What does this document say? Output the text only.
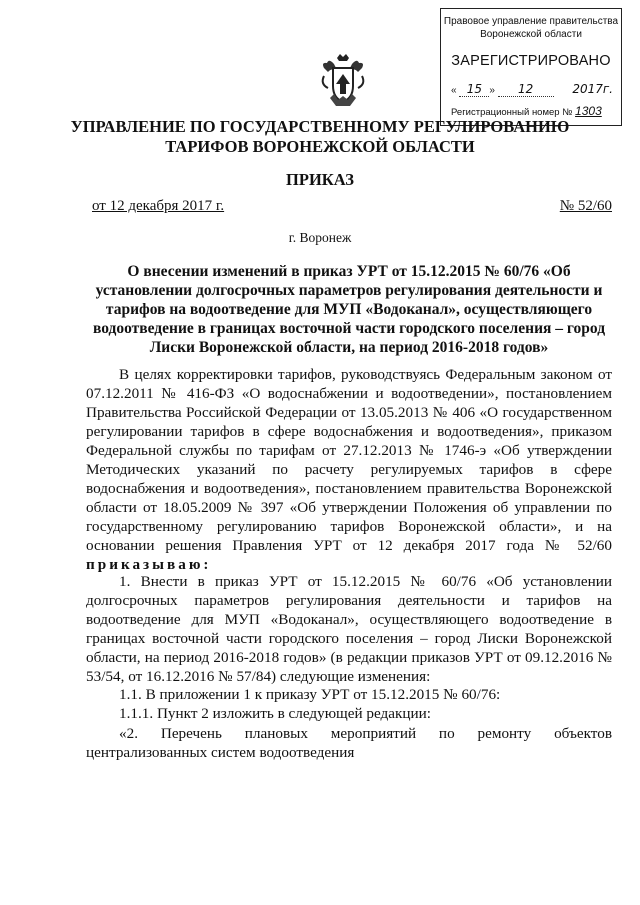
Правовое управление правительства
Воронежской области
ЗАРЕГИСТРИРОВАНО
« 15 » 12	2017г.
Регистрационный номер № 1303
УПРАВЛЕНИЕ ПО ГОСУДАРСТВЕННОМУ РЕГУЛИРОВАНИЮ
ТАРИФОВ ВОРОНЕЖСКОЙ ОБЛАСТИ
ПРИКАЗ
от 12 декабря 2017 г.	№ 52/60
г. Воронеж
О внесении изменений в приказ УРТ от 15.12.2015 № 60/76 «Об
установлении долгосрочных параметров регулирования деятельности и
тарифов на водоотведение для МУП «Водоканал», осуществляющего
водоотведение в границах восточной части городского поселения – город
Лиски Воронежской области, на период 2016-2018 годов»

В целях корректировки тарифов, руководствуясь Федеральным законом от 07.12.2011 № 416-ФЗ «О водоснабжении и водоотведении», постановлением Правительства Российской Федерации от 13.05.2013 № 406 «О государственном регулировании тарифов в сфере водоснабжения и водоотведения», приказом Федеральной службы по тарифам от 27.12.2013 № 1746-э «Об утверждении Методических указаний по расчету регулируемых тарифов в сфере водоснабжения и водоотведения», постановлением правительства Воронежской области от 18.05.2009 № 397 «Об утверждении Положения об управлении по государственному регулированию тарифов Воронежской области», и на основании решения Правления УРТ от 12 декабря 2017 года № 52/60 приказываю:

1. Внести в приказ УРТ от 15.12.2015 № 60/76 «Об установлении долгосрочных параметров регулирования деятельности и тарифов на водоотведение для МУП «Водоканал», осуществляющего водоотведение в границах восточной части городского поселения – город Лиски Воронежской области, на период 2016-2018 годов» (в редакции приказов УРТ от 09.12.2016 № 53/54, от 16.12.2016 № 57/84) следующие изменения:

1.1. В приложении 1 к приказу УРТ от 15.12.2015 № 60/76:
1.1.1. Пункт 2 изложить в следующей редакции:

«2. Перечень плановых мероприятий по ремонту объектов централизованных систем водоотведения
